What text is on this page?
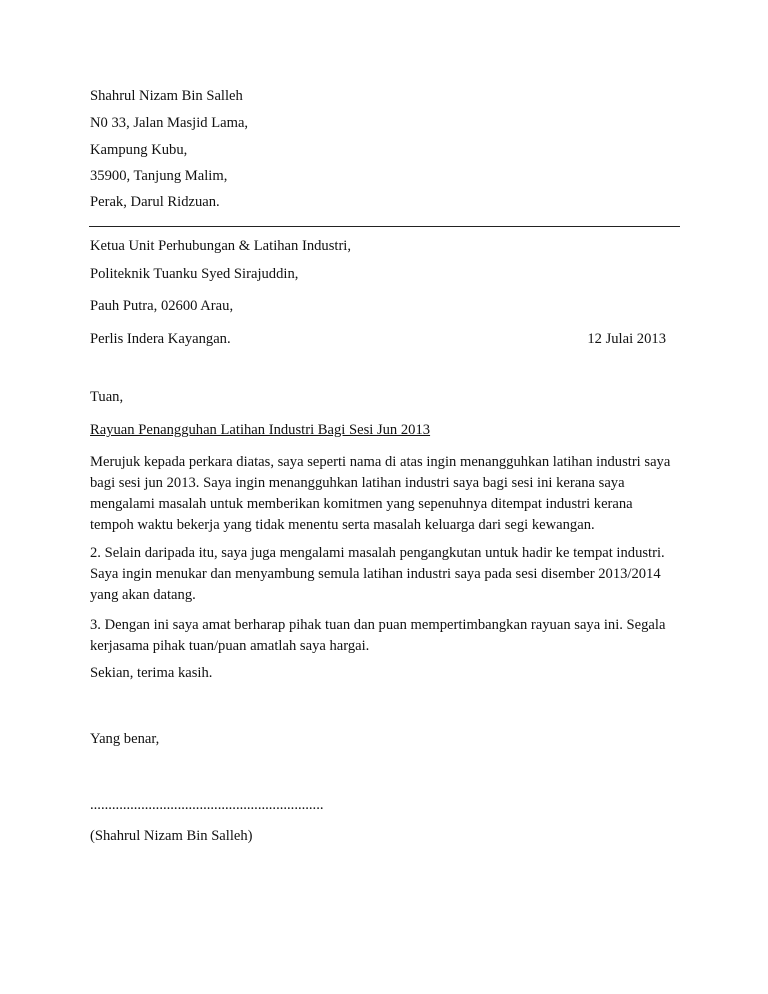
Shahrul Nizam Bin Salleh
N0 33, Jalan Masjid Lama,
Kampung Kubu,
35900, Tanjung Malim,
Perak, Darul Ridzuan.
Ketua Unit Perhubungan & Latihan Industri,
Politeknik Tuanku Syed Sirajuddin,
Pauh Putra, 02600 Arau,
Perlis Indera Kayangan.	12 Julai 2013
Tuan,
Rayuan Penangguhan Latihan Industri Bagi Sesi Jun 2013
Merujuk kepada perkara diatas, saya seperti nama di atas ingin menangguhkan latihan industri saya bagi sesi jun 2013. Saya ingin menangguhkan latihan industri saya bagi sesi ini kerana saya mengalami masalah untuk memberikan komitmen yang sepenuhnya ditempat industri kerana tempoh waktu bekerja yang tidak menentu serta masalah keluarga dari segi kewangan.
2. Selain daripada itu, saya juga mengalami masalah pengangkutan untuk hadir ke tempat industri. Saya ingin menukar dan menyambung semula latihan industri saya pada sesi disember 2013/2014 yang akan datang.
3. Dengan ini saya amat berharap pihak tuan dan puan mempertimbangkan rayuan saya ini. Segala kerjasama pihak tuan/puan amatlah saya hargai.
Sekian, terima kasih.
Yang benar,
................................................................
(Shahrul Nizam Bin Salleh)
